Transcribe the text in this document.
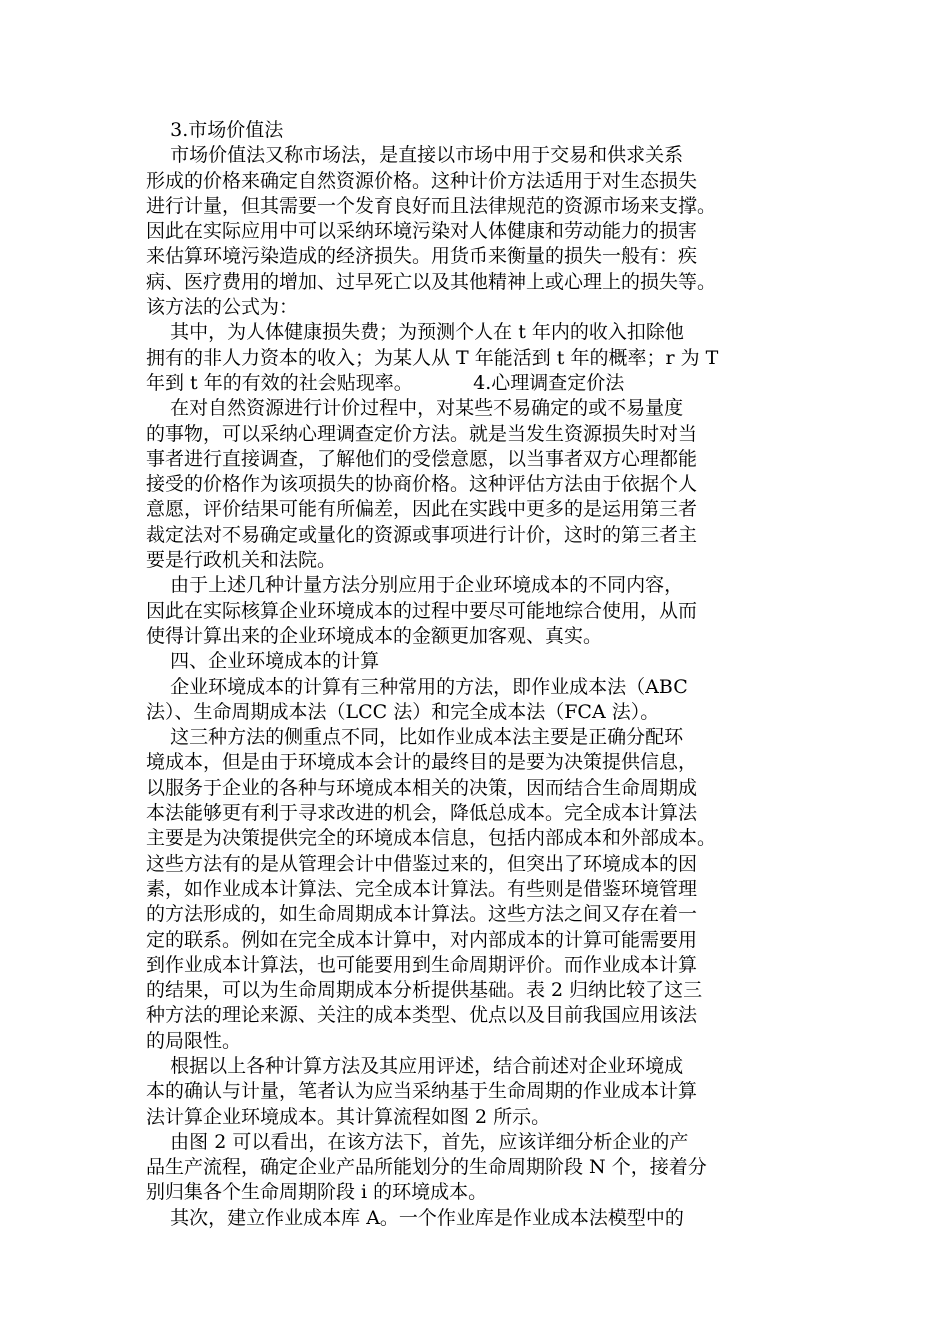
3.市场价值法
市场价值法又称市场法，是直接以市场中用于交易和供求关系
形成的价格来确定自然资源价格。这种计价方法适用于对生态损失
进行计量，但其需要一个发育良好而且法律规范的资源市场来支撑。
因此在实际应用中可以采纳环境污染对人体健康和劳动能力的损害
来估算环境污染造成的经济损失。用货币来衡量的损失一般有：疾
病、医疗费用的增加、过早死亡以及其他精神上或心理上的损失等。
该方法的公式为：
其中，为人体健康损失费；为预测个人在 t 年内的收入扣除他
拥有的非人力资本的收入；为某人从 T 年能活到 t 年的概率；r 为 T
年到 t 年的有效的社会贴现率。          4.心理调查定价法
在对自然资源进行计价过程中，对某些不易确定的或不易量度
的事物，可以采纳心理调查定价方法。就是当发生资源损失时对当
事者进行直接调查，了解他们的受偿意愿，以当事者双方心理都能
接受的价格作为该项损失的协商价格。这种评估方法由于依据个人
意愿，评价结果可能有所偏差，因此在实践中更多的是运用第三者
裁定法对不易确定或量化的资源或事项进行计价，这时的第三者主
要是行政机关和法院。
由于上述几种计量方法分别应用于企业环境成本的不同内容，
因此在实际核算企业环境成本的过程中要尽可能地综合使用，从而
使得计算出来的企业环境成本的金额更加客观、真实。
四、企业环境成本的计算
企业环境成本的计算有三种常用的方法，即作业成本法（ABC
法）、生命周期成本法（LCC 法）和完全成本法（FCA 法）。
这三种方法的侧重点不同，比如作业成本法主要是正确分配环
境成本，但是由于环境成本会计的最终目的是要为决策提供信息，
以服务于企业的各种与环境成本相关的决策，因而结合生命周期成
本法能够更有利于寻求改进的机会，降低总成本。完全成本计算法
主要是为决策提供完全的环境成本信息，包括内部成本和外部成本。
这些方法有的是从管理会计中借鉴过来的，但突出了环境成本的因
素，如作业成本计算法、完全成本计算法。有些则是借鉴环境管理
的方法形成的，如生命周期成本计算法。这些方法之间又存在着一
定的联系。例如在完全成本计算中，对内部成本的计算可能需要用
到作业成本计算法，也可能要用到生命周期评价。而作业成本计算
的结果，可以为生命周期成本分析提供基础。表 2 归纳比较了这三
种方法的理论来源、关注的成本类型、优点以及目前我国应用该法
的局限性。
根据以上各种计算方法及其应用评述，结合前述对企业环境成
本的确认与计量，笔者认为应当采纳基于生命周期的作业成本计算
法计算企业环境成本。其计算流程如图 2 所示。
由图 2 可以看出，在该方法下，首先，应该详细分析企业的产
品生产流程，确定企业产品所能划分的生命周期阶段 N 个，接着分
别归集各个生命周期阶段 i 的环境成本。
其次，建立作业成本库 A。一个作业库是作业成本法模型中的
